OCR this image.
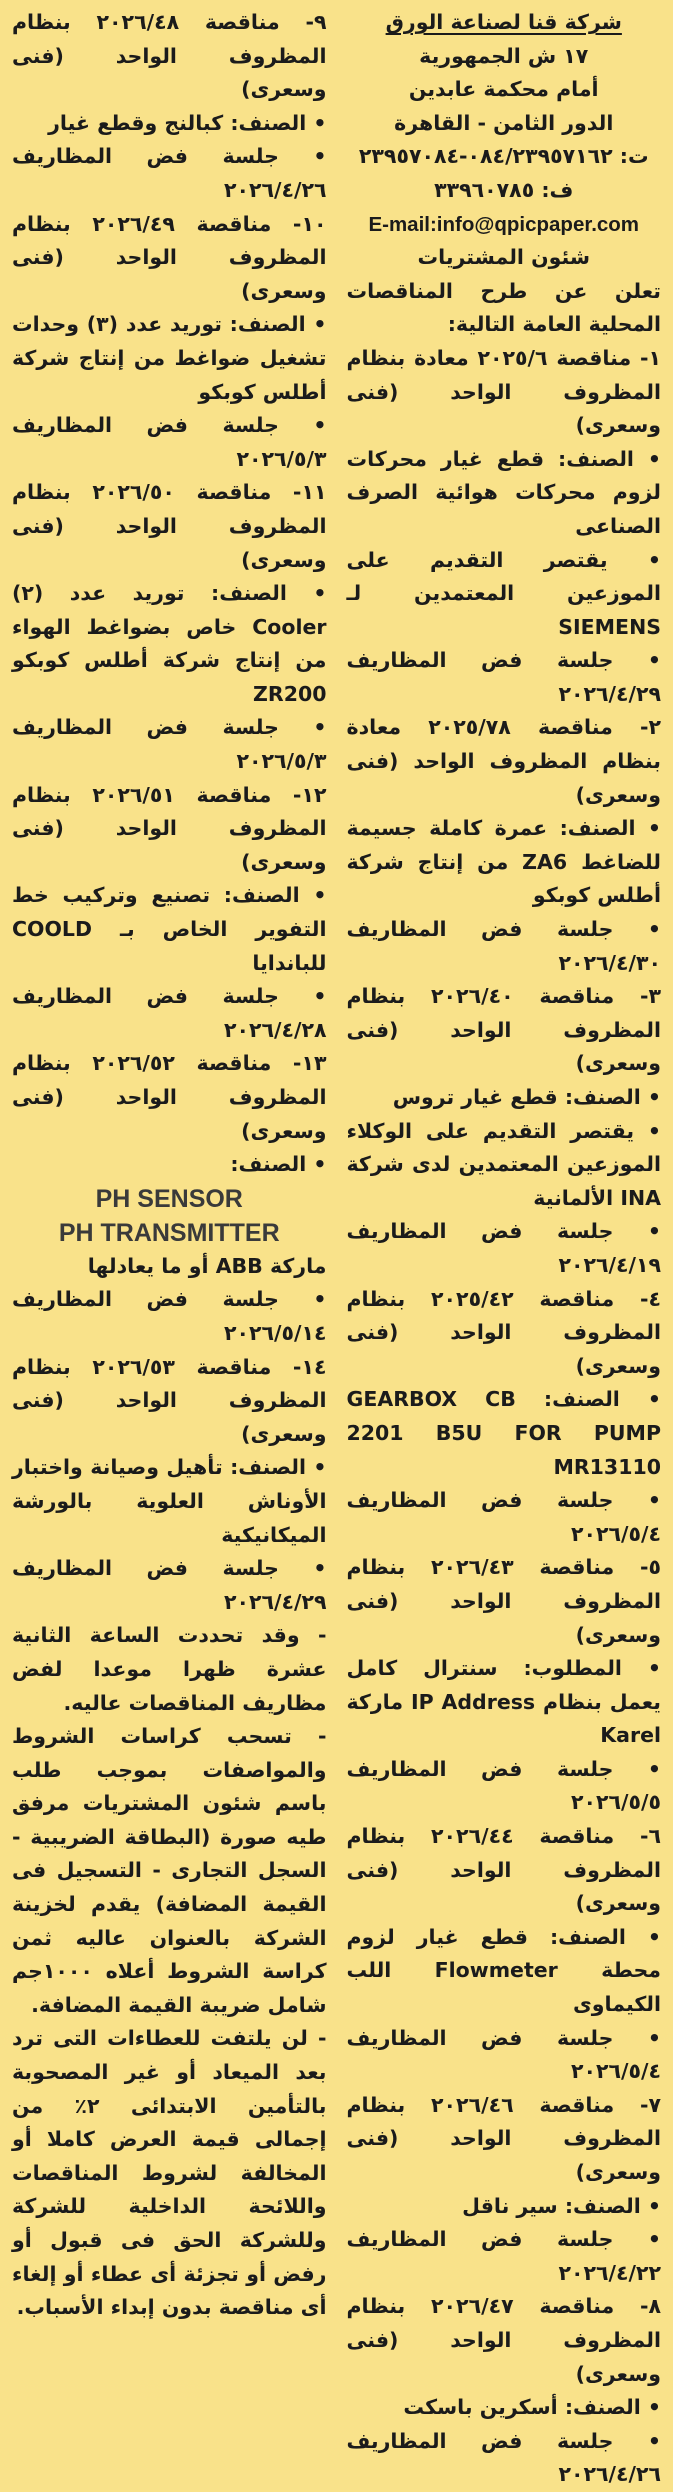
شركة قنا لصناعة الورق

١٧ ش الجمهورية

أمام محكمة عابدين

الدور الثامن - القاهرة

ت: ٠٨٤/٢٣٩٥٧١٦٢-٢٣٩٥٧٠٨٤

ف: ٣٣٩٦٠٧٨٥

E-mail:info@qpicpaper.com

شئون المشتريات

تعلن عن طرح المناقصات المحلية العامة التالية:

١- مناقصة ٢٠٢٥/٦ معادة بنظام المظروف الواحد (فنى وسعرى)

• الصنف: قطع غيار محركات لزوم محركات هوائية الصرف الصناعى

• يقتصر التقديم على الموزعين المعتمدين لـ SIEMENS

• جلسة فض المظاريف ٢٠٢٦/٤/٢٩

٢- مناقصة ٢٠٢٥/٧٨ معادة بنظام المظروف الواحد (فنى وسعرى)

• الصنف: عمرة كاملة جسيمة للضاغط ZA6 من إنتاج شركة أطلس كوبكو

• جلسة فض المظاريف ٢٠٢٦/٤/٣٠

٣- مناقصة ٢٠٢٦/٤٠ بنظام المظروف الواحد (فنى وسعرى)

• الصنف: قطع غيار تروس

• يقتصر التقديم على الوكلاء الموزعين المعتمدين لدى شركة INA الألمانية

• جلسة فض المظاريف ٢٠٢٦/٤/١٩

٤- مناقصة ٢٠٢٥/٤٢ بنظام المظروف الواحد (فنى وسعرى)

• الصنف: GEARBOX CB 2201 B5U FOR PUMP MR13110

• جلسة فض المظاريف ٢٠٢٦/٥/٤

٥- مناقصة ٢٠٢٦/٤٣ بنظام المظروف الواحد (فنى وسعرى)

• المطلوب: سنترال كامل يعمل بنظام IP Address ماركة Karel

• جلسة فض المظاريف ٢٠٢٦/٥/٥

٦- مناقصة ٢٠٢٦/٤٤ بنظام المظروف الواحد (فنى وسعرى)

• الصنف: قطع غيار لزوم محطة Flowmeter اللب الكيماوى

• جلسة فض المظاريف ٢٠٢٦/٥/٤

٧- مناقصة ٢٠٢٦/٤٦ بنظام المظروف الواحد (فنى وسعرى)

• الصنف: سير ناقل

• جلسة فض المظاريف ٢٠٢٦/٤/٢٢

٨- مناقصة ٢٠٢٦/٤٧ بنظام المظروف الواحد (فنى وسعرى)

• الصنف: أسكرين باسكت

• جلسة فض المظاريف ٢٠٢٦/٤/٢٦

٩- مناقصة ٢٠٢٦/٤٨ بنظام المظروف الواحد (فنى وسعرى)

• الصنف: كبالنج وقطع غيار

• جلسة فض المظاريف ٢٠٢٦/٤/٢٦

١٠- مناقصة ٢٠٢٦/٤٩ بنظام المظروف الواحد (فنى وسعرى)

• الصنف: توريد عدد (٣) وحدات تشغيل ضواغط من إنتاج شركة أطلس كوبكو

• جلسة فض المظاريف ٢٠٢٦/٥/٣

١١- مناقصة ٢٠٢٦/٥٠ بنظام المظروف الواحد (فنى وسعرى)

• الصنف: توريد عدد (٢) Cooler خاص بضواغط الهواء من إنتاج شركة أطلس كوبكو ZR200

• جلسة فض المظاريف ٢٠٢٦/٥/٣

١٢- مناقصة ٢٠٢٦/٥١ بنظام المظروف الواحد (فنى وسعرى)

• الصنف: تصنيع وتركيب خط التفوير الخاص بـ COOLD للباندايا

• جلسة فض المظاريف ٢٠٢٦/٤/٢٨

١٣- مناقصة ٢٠٢٦/٥٢ بنظام المظروف الواحد (فنى وسعرى)

• الصنف:

PH SENSOR
PH TRANSMITTER

ماركة ABB أو ما يعادلها

• جلسة فض المظاريف ٢٠٢٦/٥/١٤

١٤- مناقصة ٢٠٢٦/٥٣ بنظام المظروف الواحد (فنى وسعرى)

• الصنف: تأهيل وصيانة واختبار الأوناش العلوية بالورشة الميكانيكية

• جلسة فض المظاريف ٢٠٢٦/٤/٢٩

- وقد تحددت الساعة الثانية عشرة ظهرا موعدا لفض مظاريف المناقصات عاليه.

- تسحب كراسات الشروط والمواصفات بموجب طلب باسم شئون المشتريات مرفق طيه صورة (البطاقة الضريبية - السجل التجارى - التسجيل فى القيمة المضافة) يقدم لخزينة الشركة بالعنوان عاليه ثمن كراسة الشروط أعلاه ١٠٠٠جم شامل ضريبة القيمة المضافة.

- لن يلتفت للعطاءات التى ترد بعد الميعاد أو غير المصحوبة بالتأمين الابتدائى ٢٪ من إجمالى قيمة العرض كاملا أو المخالفة لشروط المناقصات واللائحة الداخلية للشركة وللشركة الحق فى قبول أو رفض أو تجزئة أى عطاء أو إلغاء أى مناقصة بدون إبداء الأسباب.
